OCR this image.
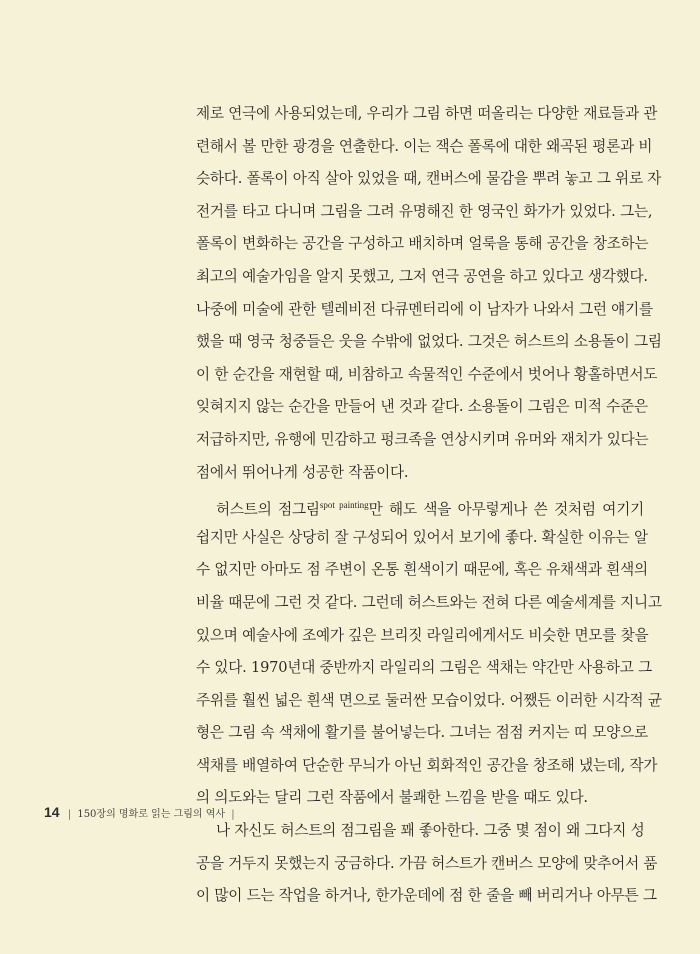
제로 연극에 사용되었는데, 우리가 그림 하면 떠올리는 다양한 재료들과 관
련해서 볼 만한 광경을 연출한다. 이는 잭슨 폴록에 대한 왜곡된 평론과 비
슷하다. 폴록이 아직 살아 있었을 때, 캔버스에 물감을 뿌려 놓고 그 위로 자
전거를 타고 다니며 그림을 그려 유명해진 한 영국인 화가가 있었다. 그는,
폴록이 변화하는 공간을 구성하고 배치하며 얼룩을 통해 공간을 창조하는
최고의 예술가임을 알지 못했고, 그저 연극 공연을 하고 있다고 생각했다.
나중에 미술에 관한 텔레비전 다큐멘터리에 이 남자가 나와서 그런 얘기를
했을 때 영국 청중들은 웃을 수밖에 없었다. 그것은 허스트의 소용돌이 그림
이 한 순간을 재현할 때, 비참하고 속물적인 수준에서 벗어나 황홀하면서도
잊혀지지 않는 순간을 만들어 낸 것과 같다. 소용돌이 그림은 미적 수준은
저급하지만, 유행에 민감하고 펑크족을 연상시키며 유머와 재치가 있다는
점에서 뛰어나게 성공한 작품이다.
허스트의 점그림$^{spot painting}$만 해도 색을 아무렇게나 쓴 것처럼 여기기
쉽지만 사실은 상당히 잘 구성되어 있어서 보기에 좋다. 확실한 이유는 알
수 없지만 아마도 점 주변이 온통 흰색이기 때문에, 혹은 유채색과 흰색의
비율 때문에 그런 것 같다. 그런데 허스트와는 전혀 다른 예술세계를 지니고
있으며 예술사에 조예가 깊은 브리짓 라일리에게서도 비슷한 면모를 찾을
수 있다. 1970년대 중반까지 라일리의 그림은 색채는 약간만 사용하고 그
주위를 훨씬 넓은 흰색 면으로 둘러싼 모습이었다. 어쨌든 이러한 시각적 균
형은 그림 속 색채에 활기를 불어넣는다. 그녀는 점점 커지는 띠 모양으로
색채를 배열하여 단순한 무늬가 아닌 회화적인 공간을 창조해 냈는데, 작가
의 의도와는 달리 그런 작품에서 불쾌한 느낌을 받을 때도 있다.
나 자신도 허스트의 점그림을 꽤 좋아한다. 그중 몇 점이 왜 그다지 성
공을 거두지 못했는지 궁금하다. 가끔 허스트가 캔버스 모양에 맞추어서 품
이 많이 드는 작업을 하거나, 한가운데에 점 한 줄을 빼 버리거나 아무튼 그
14 | 150장의 명화로 읽는 그림의 역사 |
